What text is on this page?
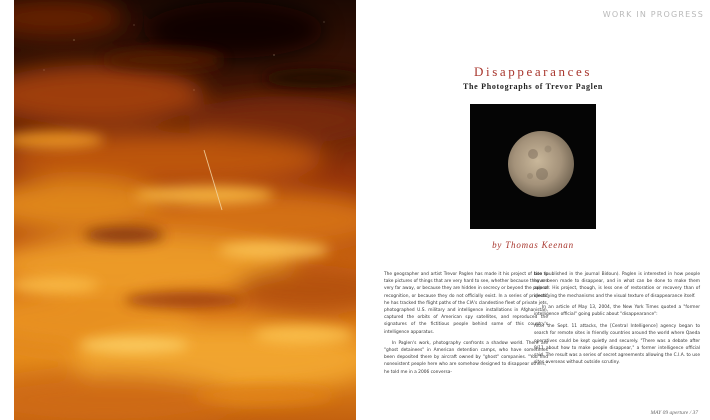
WORK IN PROGRESS
Disappearances
The Photographs of Trevor Paglen
by Thomas Keenan

The geographer and artist Trevor Paglen has made it his project of late to take pictures of things that are very hard to see, whether because they are very far away, or because they are hidden in secrecy or beyond the pale of recognition, or because they do not officially exist. In a series of projects, he has tracked the flight paths of the CIA's clandestine fleet of private jets, photographed U.S. military and intelligence installations in Afghanistan, captured the orbits of American spy satellites, and reproduced the signatures of the fictitious people behind some of this country's intelligence apparatus.

In Paglen's work, photography confronts a shadow world. There are "ghost detainees" in American detention camps, who have sometimes been deposited there by aircraft owned by "ghost" companies. "You find nonexistent people here who are somehow designed to disappear others," he told me in a 2006 conversa-

tion (published in the journal Bidoun). Paglen is interested in how people have been made to disappear, and in what can be done to make them appear. His project, though, is less one of restoration or recovery than of identifying the mechanisms and the visual texture of disappearance itself.

In an article of May 13, 2004, the New York Times quoted a "former intelligence official" going public about "disappearance":

After the Sept. 11 attacks, the [Central Intelligence] agency began to search for remote sites in friendly countries around the world where Qaeda operatives could be kept quietly and securely. "There was a debate after 9/11 about how to make people disappear," a former intelligence official said. The result was a series of secret agreements allowing the C.I.A. to use sites overseas without outside scrutiny.

MAY 09 aperture / 37
